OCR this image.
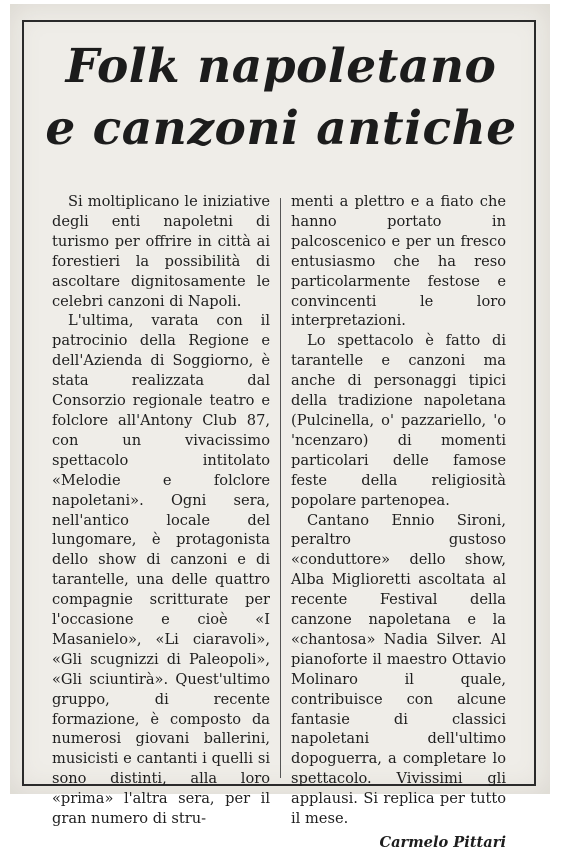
Folk napoletano
e canzoni antiche

Si moltiplicano le iniziative degli enti napoletni di turismo per offrire in città ai forestieri la possibilità di ascoltare dignitosamente le celebri canzoni di Napoli.

L'ultima, varata con il patrocinio della Regione e dell'Azienda di Soggiorno, è stata realizzata dal Consorzio regionale teatro e folclore all'Antony Club 87, con un vivacissimo spettacolo intitolato «Melodie e folclore napoletani». Ogni sera, nell'antico locale del lungomare, è protagonista dello show di canzoni e di tarantelle, una delle quattro compagnie scritturate per l'occasione e cioè «I Masanielo», «Li ciaravoli», «Gli scugnizzi di Paleopoli», «Gli sciuntirà». Quest'ultimo gruppo, di recente formazione, è composto da numerosi giovani ballerini, musicisti e cantanti i quelli si sono distinti, alla loro «prima» l'altra sera, per il gran numero di stru-

menti a plettro e a fiato che hanno portato in palcoscenico e per un fresco entusiasmo che ha reso particolarmente festose e convincenti le loro interpretazioni.

Lo spettacolo è fatto di tarantelle e canzoni ma anche di personaggi tipici della tradizione napoletana (Pulcinella, o' pazzariello, 'o 'ncenzaro) di momenti particolari delle famose feste della religiosità popolare partenopea.

Cantano Ennio Sironi, peraltro gustoso «conduttore» dello show, Alba Miglioretti ascoltata al recente Festival della canzone napoletana e la «chantosa» Nadia Silver. Al pianoforte il maestro Ottavio Molinaro il quale, contribuisce con alcune fantasie di classici napoletani dell'ultimo dopoguerra, a completare lo spettacolo. Vivissimi gli applausi. Si replica per tutto il mese.

Carmelo Pittari
